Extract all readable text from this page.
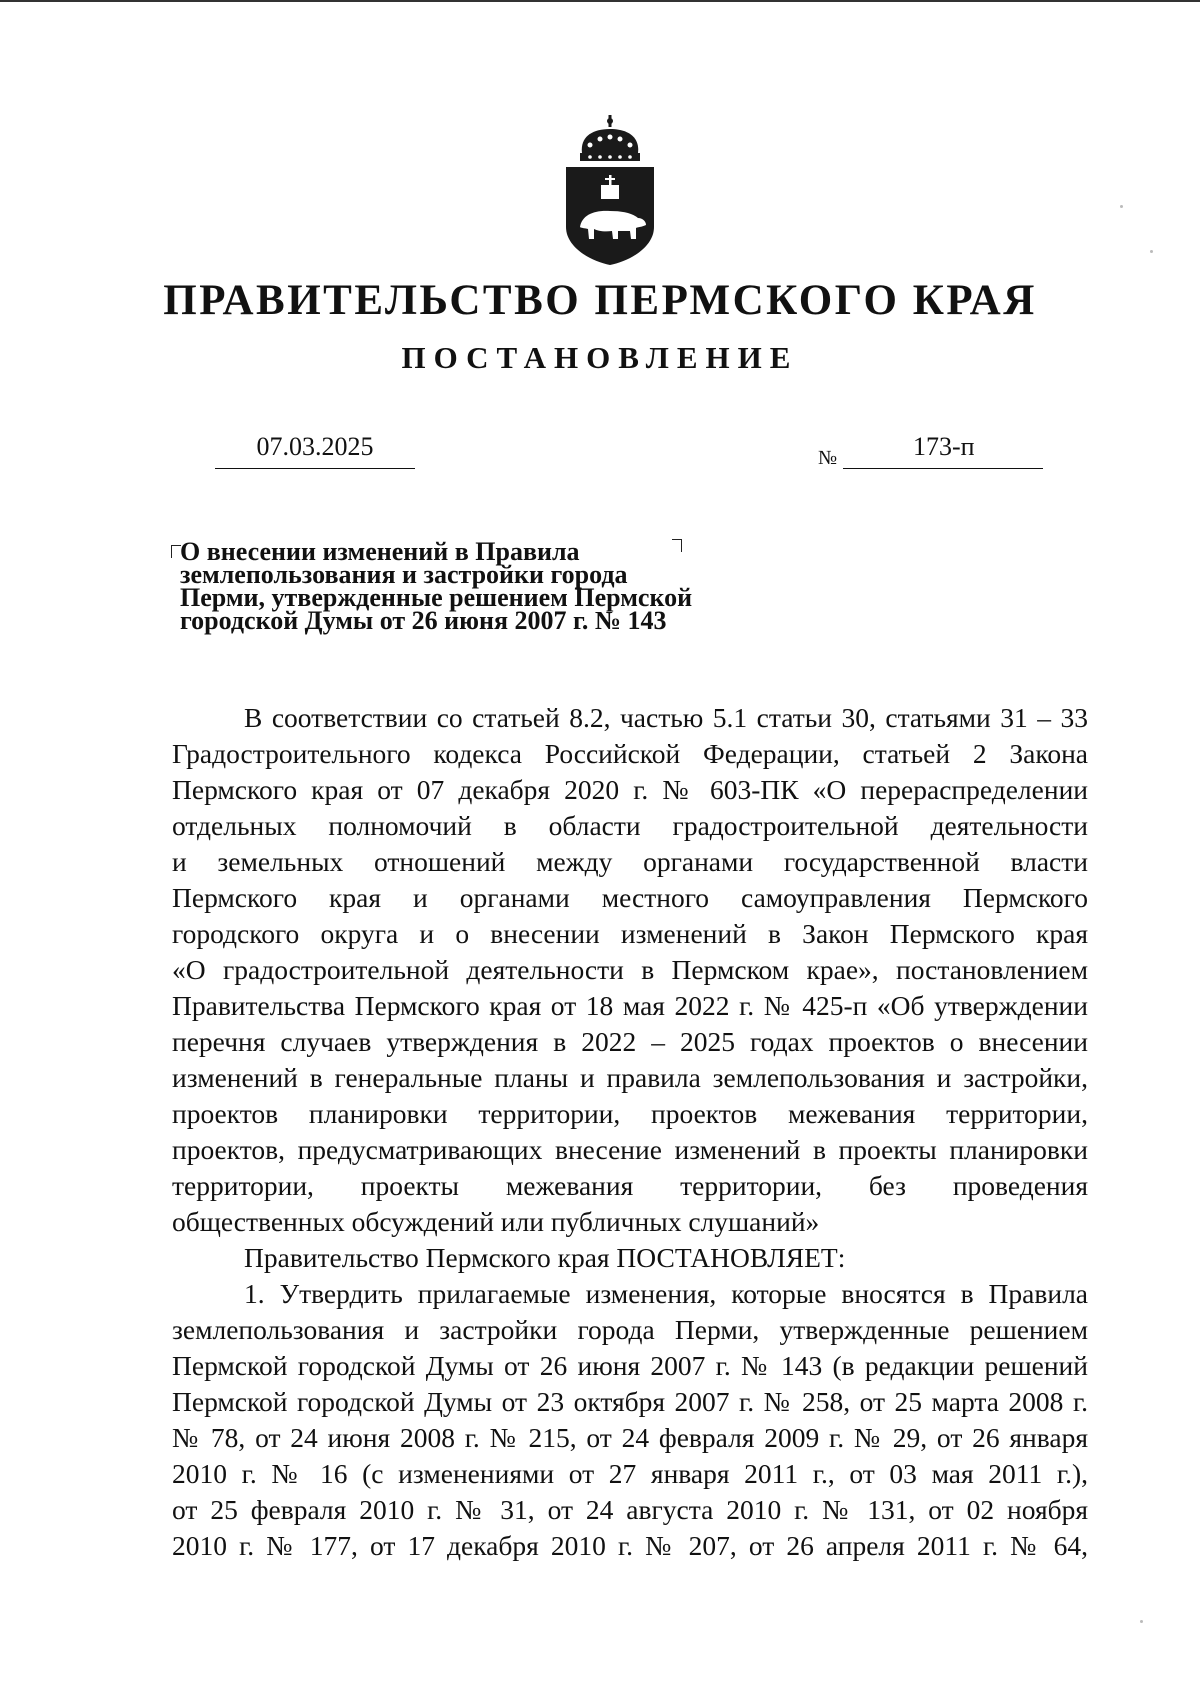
ПРАВИТЕЛЬСТВО ПЕРМСКОГО КРАЯ
ПОСТАНОВЛЕНИЕ
07.03.2025	№	173-п
О внесении изменений в Правила
землепользования и застройки города
Перми, утвержденные решением Пермской
городской Думы от 26 июня 2007 г. № 143
В соответствии со статьей 8.2, частью 5.1 статьи 30, статьями 31 – 33
Градостроительного кодекса Российской Федерации, статьей 2 Закона
Пермского края от 07 декабря 2020 г. № 603-ПК «О перераспределении
отдельных полномочий в области градостроительной деятельности
и земельных отношений между органами государственной власти
Пермского края и органами местного самоуправления Пермского
городского округа и о внесении изменений в Закон Пермского края
«О градостроительной деятельности в Пермском крае», постановлением
Правительства Пермского края от 18 мая 2022 г. № 425-п «Об утверждении
перечня случаев утверждения в 2022 – 2025 годах проектов о внесении
изменений в генеральные планы и правила землепользования и застройки,
проектов планировки территории, проектов межевания территории,
проектов, предусматривающих внесение изменений в проекты планировки
территории, проекты межевания территории, без проведения
общественных обсуждений или публичных слушаний»
Правительство Пермского края ПОСТАНОВЛЯЕТ:
1. Утвердить прилагаемые изменения, которые вносятся в Правила
землепользования и застройки города Перми, утвержденные решением
Пермской городской Думы от 26 июня 2007 г. № 143 (в редакции решений
Пермской городской Думы от 23 октября 2007 г. № 258, от 25 марта 2008 г.
№ 78, от 24 июня 2008 г. № 215, от 24 февраля 2009 г. № 29, от 26 января
2010 г. № 16 (с изменениями от 27 января 2011 г., от 03 мая 2011 г.),
от 25 февраля 2010 г. № 31, от 24 августа 2010 г. № 131, от 02 ноября
2010 г. № 177, от 17 декабря 2010 г. № 207, от 26 апреля 2011 г. № 64,
